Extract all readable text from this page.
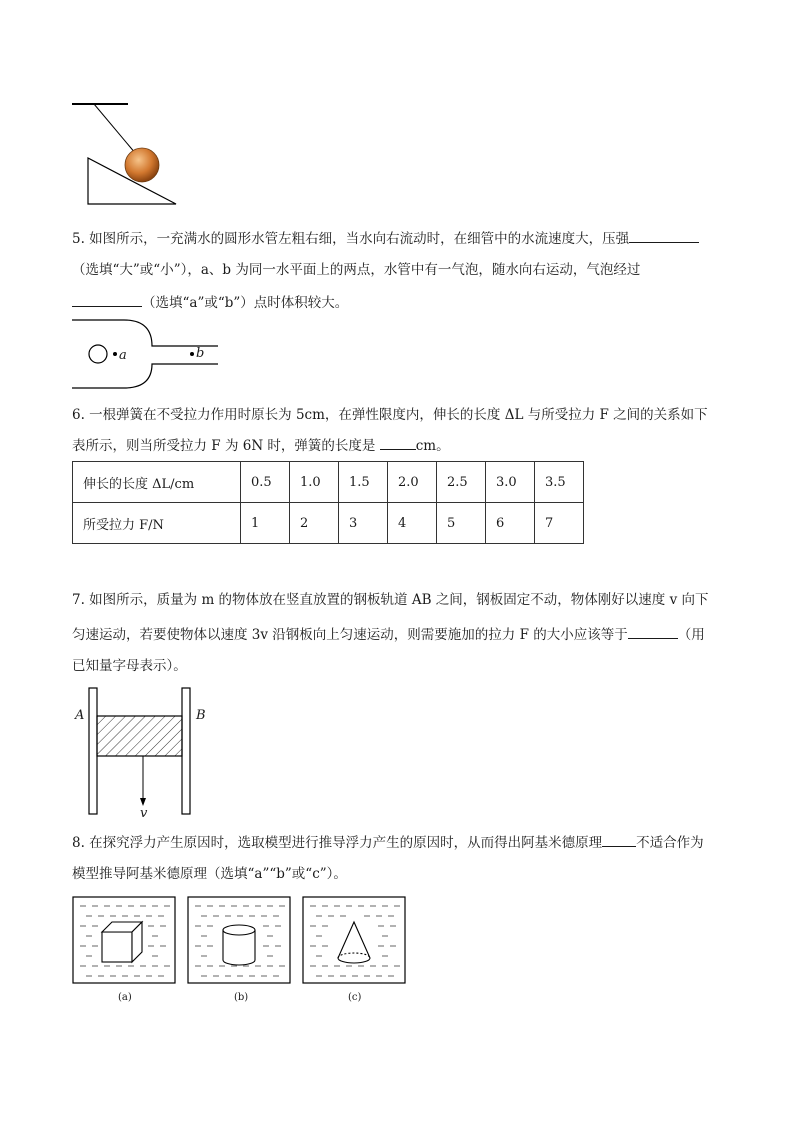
5. 如图所示，一充满水的圆形水管左粗右细，当水向右流动时，在细管中的水流速度大，压强
（选填“大”或“小”），a、b 为同一水平面上的两点，水管中有一气泡，随水向右运动，气泡经过
（选填“a”或“b”）点时体积较大。
a	b
6. 一根弹簧在不受拉力作用时原长为 5cm，在弹性限度内，伸长的长度 ΔL 与所受拉力 F 之间的关系如下
表所示，则当所受拉力 F 为 6N 时，弹簧的长度是	cm。
伸长的长度 ΔL/cm	0.5	1.0	1.5	2.0	2.5	3.0	3.5
所受拉力 F/N	1	2	3	4	5	6	7
7. 如图所示，质量为 m 的物体放在竖直放置的钢板轨道 AB 之间，钢板固定不动，物体刚好以速度 v 向下
匀速运动，若要使物体以速度 3v 沿钢板向上匀速运动，则需要施加的拉力 F 的大小应该等于	（用
已知量字母表示）。
A	B
v
8. 在探究浮力产生原因时，选取模型进行推导浮力产生的原因时，从而得出阿基米德原理	不适合作为
模型推导阿基米德原理（选填“a”“b”或“c”）。
(a)	(b)	(c)
